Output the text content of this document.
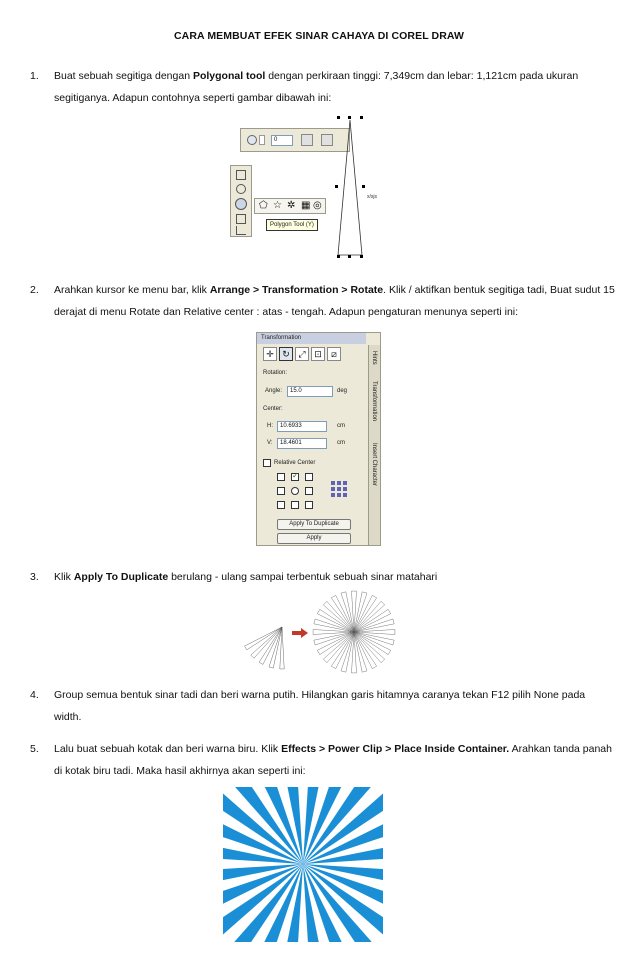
CARA MEMBUAT EFEK SINAR CAHAYA DI COREL DRAW
1.	Buat sebuah segitiga dengan Polygonal tool dengan perkiraan tinggi: 7,349cm dan lebar: 1,121cm pada ukuran segitiganya. Adapun contohnya seperti gambar dibawah ini:
0
⬠ ☆ ✲ ▦ ◎
Polygon Tool (Y)
x/sjs
2.	Arahkan kursor ke menu bar, klik Arrange > Transformation > Rotate. Klik / aktifkan bentuk segitiga tadi, Buat sudut 15 derajat di menu Rotate dan Relative center : atas - tengah. Adapun pengaturan menunya seperti ini:
Transformation
✛ ↻ ⤢ ⊡	⧄
Rotation:
Angle:	15.0	deg
Center:
H:	10.6933	cm
V:	18.4601	cm
Relative Center
✓
Apply To Duplicate
Apply
Hints
Transformation
Insert Character
3.	Klik Apply To Duplicate berulang - ulang sampai terbentuk sebuah sinar matahari
4.	Group semua bentuk sinar tadi dan beri warna putih. Hilangkan garis hitamnya caranya tekan F12 pilih None pada width.
5.	Lalu buat sebuah kotak dan beri warna biru. Klik Effects > Power Clip > Place Inside Container. Arahkan tanda panah di kotak biru tadi. Maka hasil akhirnya akan seperti ini:
